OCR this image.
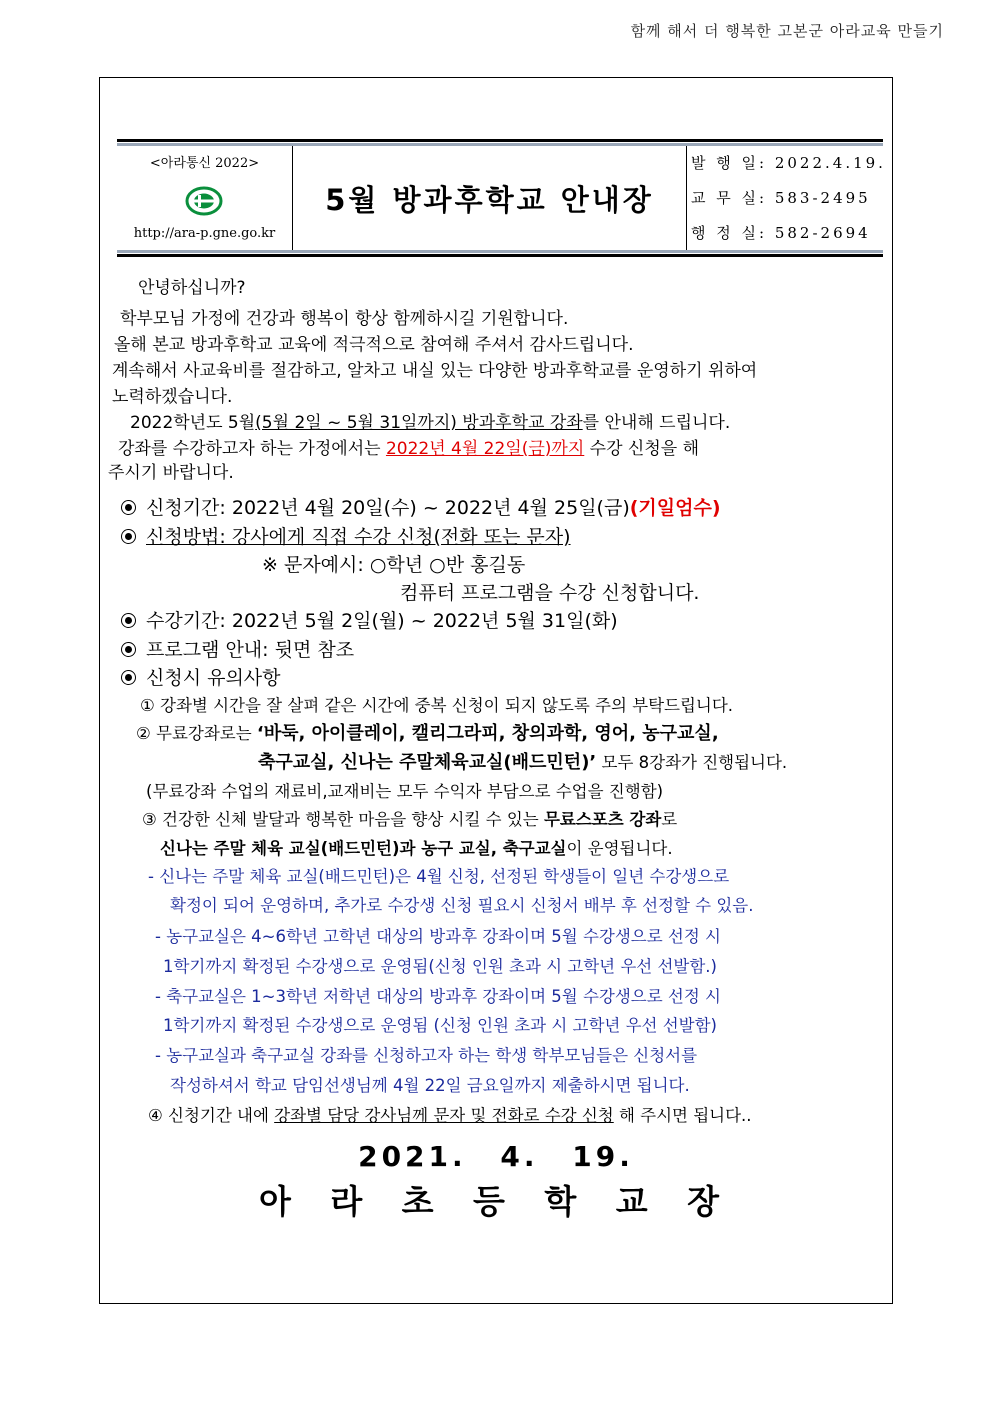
함께 해서 더 행복한 고본군 아라교육 만들기
<아라통신 2022>
http://ara-p.gne.go.kr
5월 방과후학교 안내장
발 행 일: 2022.4.19.
교 무 실: 583-2495
행 정 실: 582-2694
안녕하십니까?
학부모님 가정에 건강과 행복이 항상 함께하시길 기원합니다.
올해 본교 방과후학교 교육에 적극적으로 참여해 주셔서 감사드립니다.
계속해서 사교육비를 절감하고, 알차고 내실 있는 다양한 방과후학교를 운영하기 위하여
노력하겠습니다.
2022학년도 5월(5월 2일 ~ 5월 31일까지) 방과후학교 강좌를 안내해 드립니다.
강좌를 수강하고자 하는 가정에서는 2022년 4월 22일(금)까지 수강 신청을 해
주시기 바랍니다.
신청기간: 2022년 4월 20일(수) ~ 2022년 4월 25일(금)(기일엄수)
신청방법: 강사에게 직접 수강 신청(전화 또는 문자)
※ 문자예시: ○학년 ○반 홍길동
컴퓨터 프로그램을 수강 신청합니다.
수강기간: 2022년 5월 2일(월) ~ 2022년 5월 31일(화)
프로그램 안내: 뒷면 참조
신청시 유의사항
① 강좌별 시간을 잘 살펴 같은 시간에 중복 신청이 되지 않도록 주의 부탁드립니다.
② 무료강좌로는 ‘바둑, 아이클레이, 캘리그라피, 창의과학, 영어, 농구교실,
축구교실, 신나는 주말체육교실(배드민턴)’ 모두 8강좌가 진행됩니다.
(무료강좌 수업의 재료비,교재비는 모두 수익자 부담으로 수업을 진행함)
③ 건강한 신체 발달과 행복한 마음을 향상 시킬 수 있는 무료스포츠 강좌로
신나는 주말 체육 교실(배드민턴)과 농구 교실, 축구교실이 운영됩니다.
- 신나는 주말 체육 교실(배드민턴)은 4월 신청, 선정된 학생들이 일년 수강생으로
확정이 되어 운영하며, 추가로 수강생 신청 필요시 신청서 배부 후 선정할 수 있음.
- 농구교실은 4~6학년 고학년 대상의 방과후 강좌이며 5월 수강생으로 선정 시
1학기까지 확정된 수강생으로 운영됨(신청 인원 초과 시 고학년 우선 선발함.)
- 축구교실은 1~3학년 저학년 대상의 방과후 강좌이며 5월 수강생으로 선정 시
1학기까지 확정된 수강생으로 운영됨 (신청 인원 초과 시 고학년 우선 선발함)
- 농구교실과 축구교실 강좌를 신청하고자 하는 학생 학부모님들은 신청서를
작성하셔서 학교 담임선생님께 4월 22일 금요일까지 제출하시면 됩니다.
④ 신청기간 내에 강좌별 담당 강사님께 문자 및 전화로 수강 신청 해 주시면 됩니다..
2021. 4. 19.
아 라 초 등 학 교 장
